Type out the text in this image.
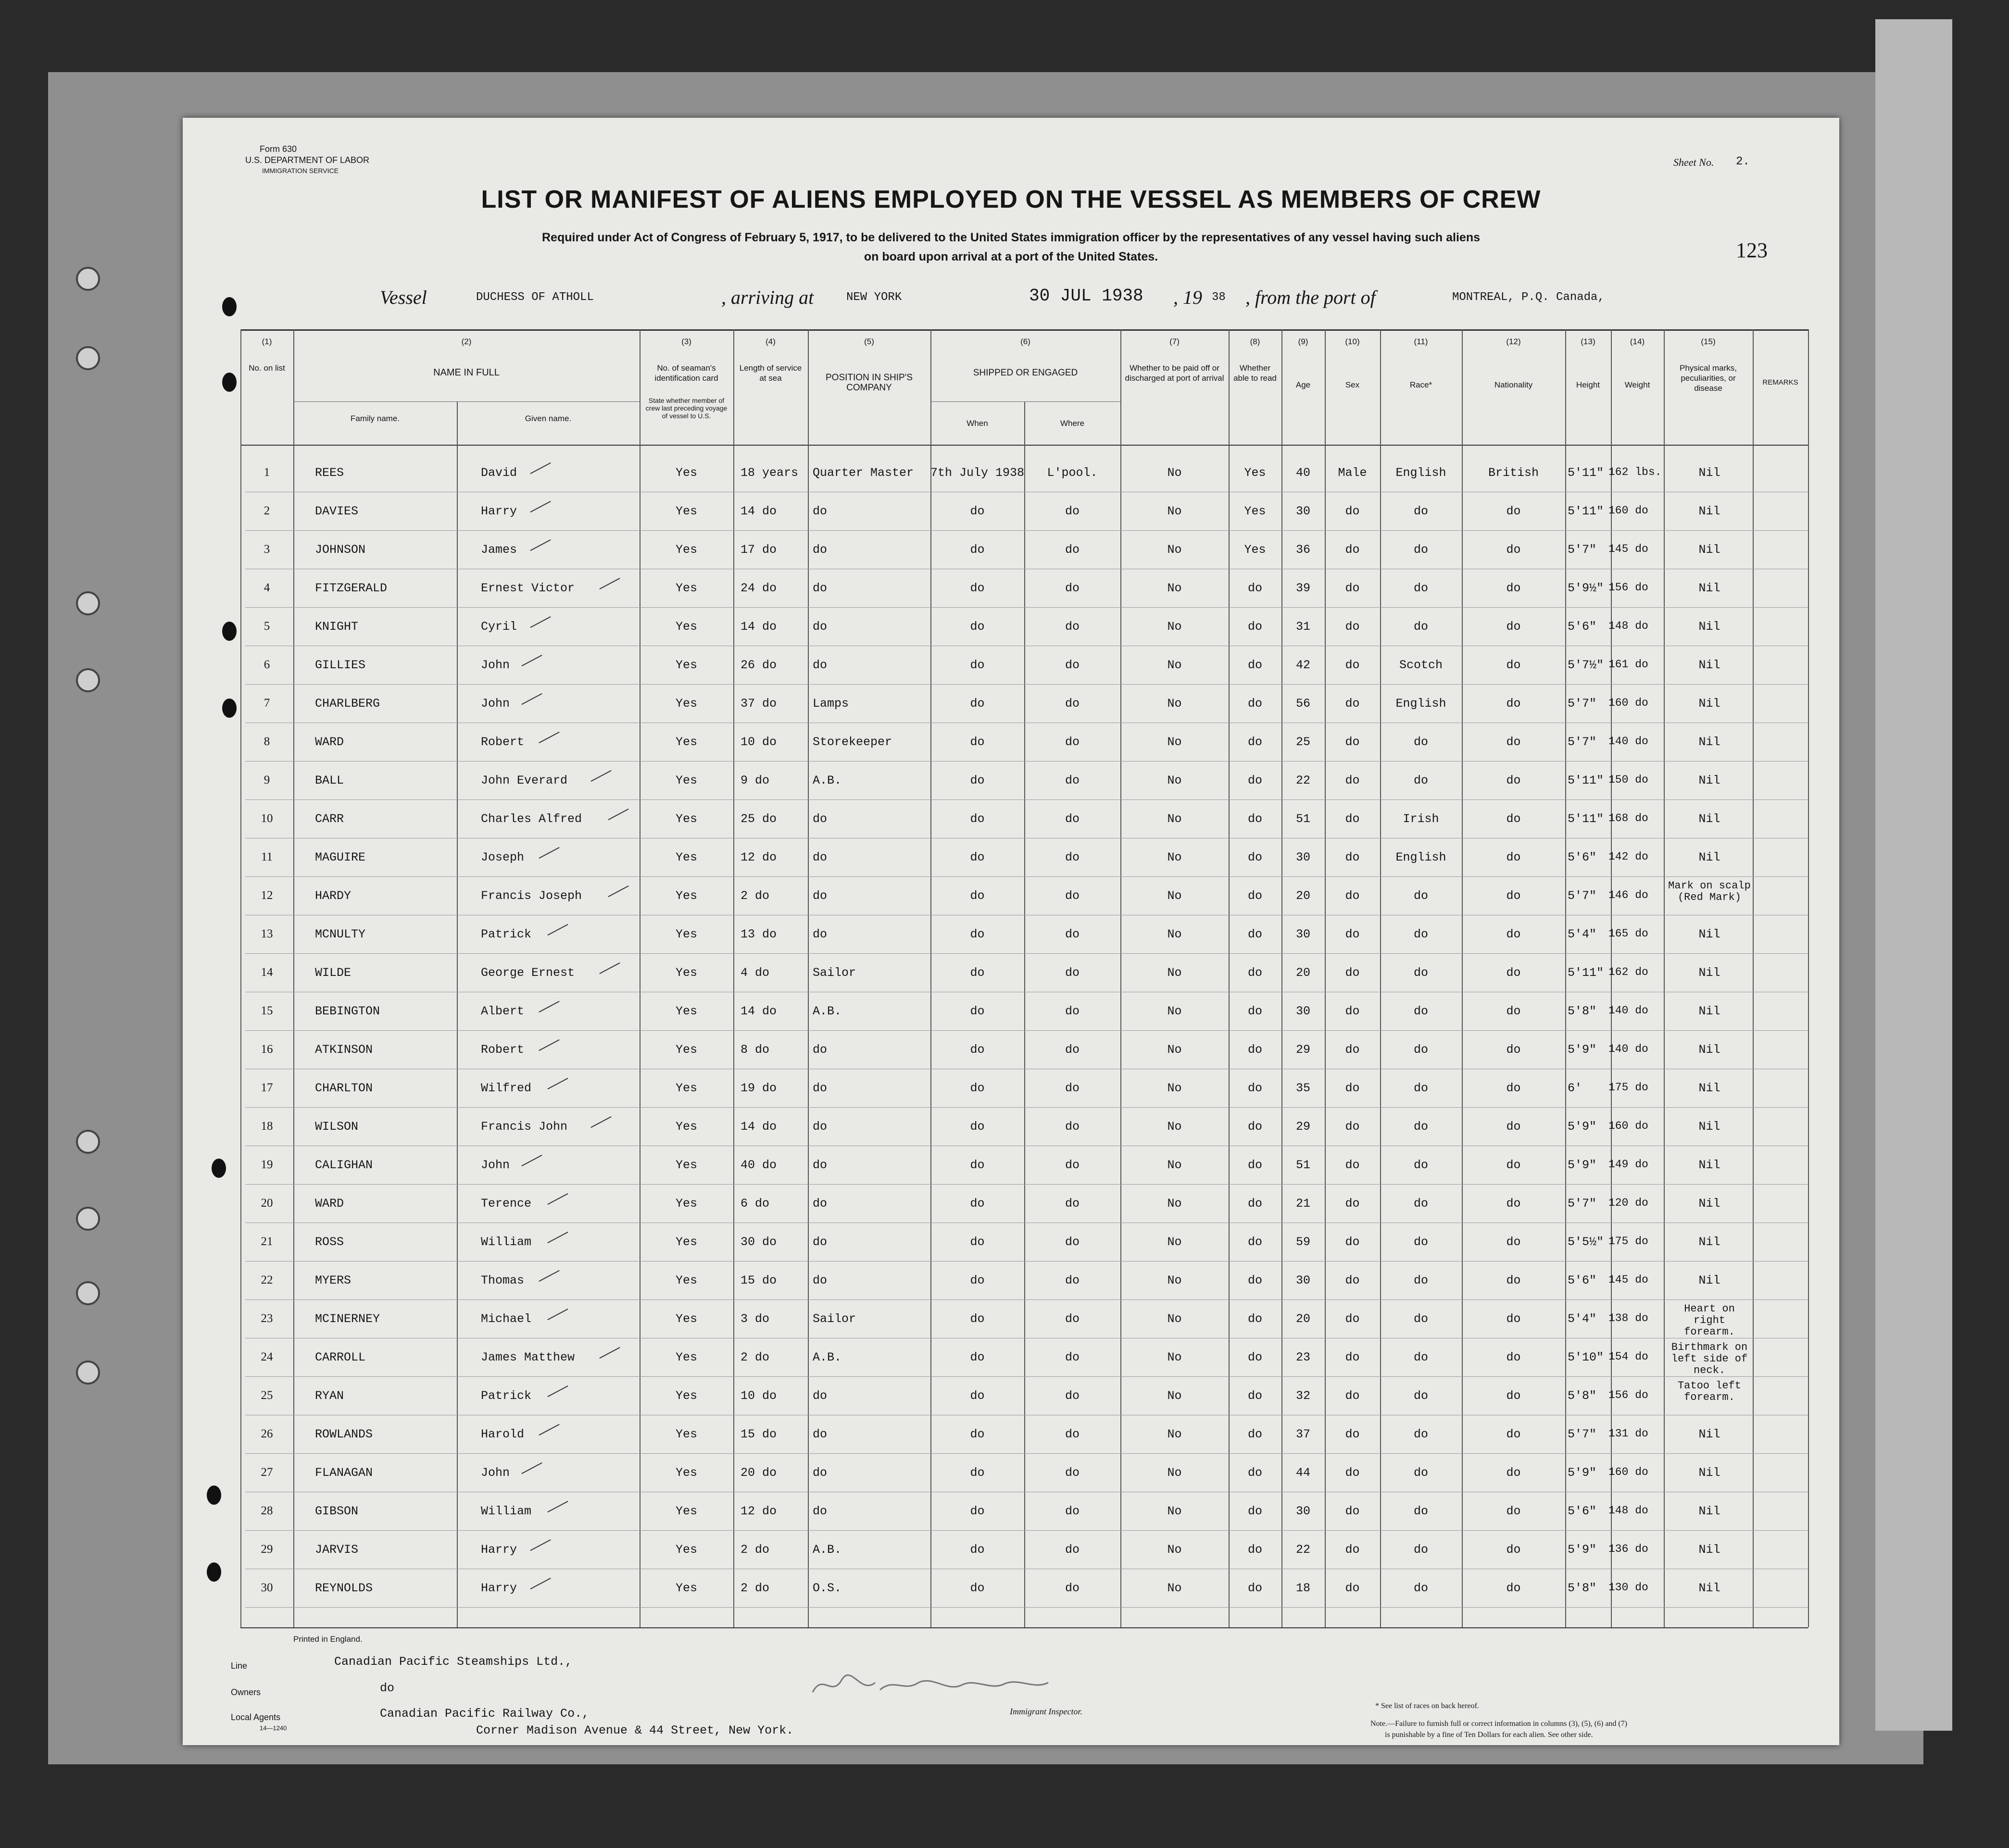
Form 630
U.S. DEPARTMENT OF LABOR
IMMIGRATION SERVICE
Sheet No. 2.
123
LIST OR MANIFEST OF ALIENS EMPLOYED ON THE VESSEL AS MEMBERS OF CREW
Required under Act of Congress of February 5, 1917, to be delivered to the United States immigration officer by the representatives of any vessel having such aliens
on board upon arrival at a port of the United States.
Vessel	DUCHESS OF ATHOLL	, arriving at	NEW YORK	30 JUL 1938 , 19 38 , from the port of	MONTREAL, P.Q. Canada,
(1)	(2)	(3)	(4)	(5)	(6)	(7)	(8)	(9)	(10)	(11)	(12)	(13)	(14)	(15)
No. on list	NAME IN FULL
Family name.	Given name.
No. of seaman's identification card
State whether member of crew last preceding voyage of vessel to U.S.
Length of service at sea	POSITION IN SHIP'S COMPANY
SHIPPED OR ENGAGED
When	Where
Whether to be paid off or discharged at port of arrival
Whether able to read
Age	Sex	Race*	Nationality	Height	Weight
Physical marks, peculiarities, or disease
REMARKS
1	REES	David	Yes	18 years	Quarter Master	7th July 1938	L'pool.	No	Yes	40	Male	English	British	5'11" 162 lbs.	Nil
2	DAVIES	Harry	Yes	14 do	do	do	do	No	Yes	30	do	do	do	5'11" 160 do	Nil
3	JOHNSON	James	Yes	17 do	do	do	do	No	Yes	36	do	do	do	5'7"	145 do	Nil
4	FITZGERALD	Ernest Victor	Yes	24 do	do	do	do	No	do	39	do	do	do	5'9½" 156 do	Nil
5	KNIGHT	Cyril	Yes	14 do	do	do	do	No	do	31	do	do	do	5'6"	148 do	Nil
6	GILLIES	John	Yes	26 do	do	do	do	No	do	42	do	Scotch	do	5'7½" 161 do	Nil
7	CHARLBERG	John	Yes	37 do	Lamps	do	do	No	do	56	do	English	do	5'7"	160 do	Nil
8	WARD	Robert	Yes	10 do	Storekeeper	do	do	No	do	25	do	do	do	5'7"	140 do	Nil
9	BALL	John Everard	Yes	9 do	A.B.	do	do	No	do	22	do	do	do	5'11" 150 do	Nil
10	CARR	Charles Alfred	Yes	25 do	do	do	do	No	do	51	do	Irish	do	5'11" 168 do	Nil
11	MAGUIRE	Joseph	Yes	12 do	do	do	do	No	do	30	do	English	do	5'6"	142 do	Nil
12	HARDY	Francis Joseph	Yes	2 do	do	do	do	No	do	20	do	do	do	5'7"	146 do
Mark on scalp (Red Mark)
13	MCNULTY	Patrick	Yes	13 do	do	do	do	No	do	30	do	do	do	5'4"	165 do	Nil
14	WILDE	George Ernest	Yes	4 do	Sailor	do	do	No	do	20	do	do	do	5'11" 162 do	Nil
15	BEBINGTON	Albert	Yes	14 do	A.B.	do	do	No	do	30	do	do	do	5'8"	140 do	Nil
16	ATKINSON	Robert	Yes	8 do	do	do	do	No	do	29	do	do	do	5'9"	140 do	Nil
17	CHARLTON	Wilfred	Yes	19 do	do	do	do	No	do	35	do	do	do	6'	175 do	Nil
18	WILSON	Francis John	Yes	14 do	do	do	do	No	do	29	do	do	do	5'9"	160 do	Nil
19	CALIGHAN	John	Yes	40 do	do	do	do	No	do	51	do	do	do	5'9"	149 do	Nil
20	WARD	Terence	Yes	6 do	do	do	do	No	do	21	do	do	do	5'7"	120 do	Nil
21	ROSS	William	Yes	30 do	do	do	do	No	do	59	do	do	do	5'5½" 175 do	Nil
22	MYERS	Thomas	Yes	15 do	do	do	do	No	do	30	do	do	do	5'6"	145 do	Nil
23	MCINERNEY	Michael	Yes	3 do	Sailor	do	do	No	do	20	do	do	do	5'4"	138 do
Heart on right forearm.
24	CARROLL	James Matthew	Yes	2 do	A.B.	do	do	No	do	23	do	do	do	5'10" 154 do
Birthmark on left side of neck.
25	RYAN	Patrick	Yes	10 do	do	do	do	No	do	32	do	do	do	5'8"	156 do
Tatoo left forearm.
26	ROWLANDS	Harold	Yes	15 do	do	do	do	No	do	37	do	do	do	5'7"	131 do	Nil
27	FLANAGAN	John	Yes	20 do	do	do	do	No	do	44	do	do	do	5'9"	160 do	Nil
28	GIBSON	William	Yes	12 do	do	do	do	No	do	30	do	do	do	5'6"	148 do	Nil
29	JARVIS	Harry	Yes	2 do	A.B.	do	do	No	do	22	do	do	do	5'9"	136 do	Nil
30	REYNOLDS	Harry	Yes	2 do	O.S.	do	do	No	do	18	do	do	do	5'8"	130 do	Nil
Printed in England.
Line	Canadian Pacific Steamships Ltd.,
Owners	do
Local Agents
14—1240
Canadian Pacific Railway Co.,
Corner Madison Avenue & 44 Street, New York.
Immigrant Inspector.
* See list of races on back hereof.
Note.—Failure to furnish full or correct information in columns (3), (5), (6) and (7)
is punishable by a fine of Ten Dollars for each alien. See other side.
